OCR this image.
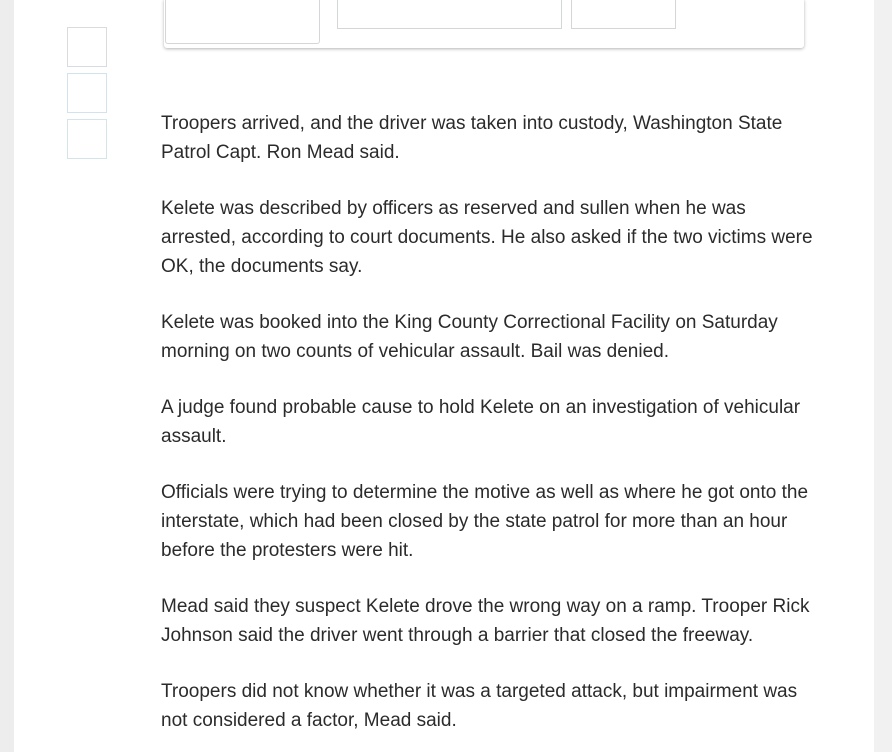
Troopers arrived, and the driver was taken into custody, Washington State Patrol Capt. Ron Mead said.

Kelete was described by officers as reserved and sullen when he was arrested, according to court documents. He also asked if the two victims were OK, the documents say.

Kelete was booked into the King County Correctional Facility on Saturday morning on two counts of vehicular assault. Bail was denied.

A judge found probable cause to hold Kelete on an investigation of vehicular assault.

Officials were trying to determine the motive as well as where he got onto the interstate, which had been closed by the state patrol for more than an hour before the protesters were hit.

Mead said they suspect Kelete drove the wrong way on a ramp. Trooper Rick Johnson said the driver went through a barrier that closed the freeway.

Troopers did not know whether it was a targeted attack, but impairment was not considered a factor, Mead said.
